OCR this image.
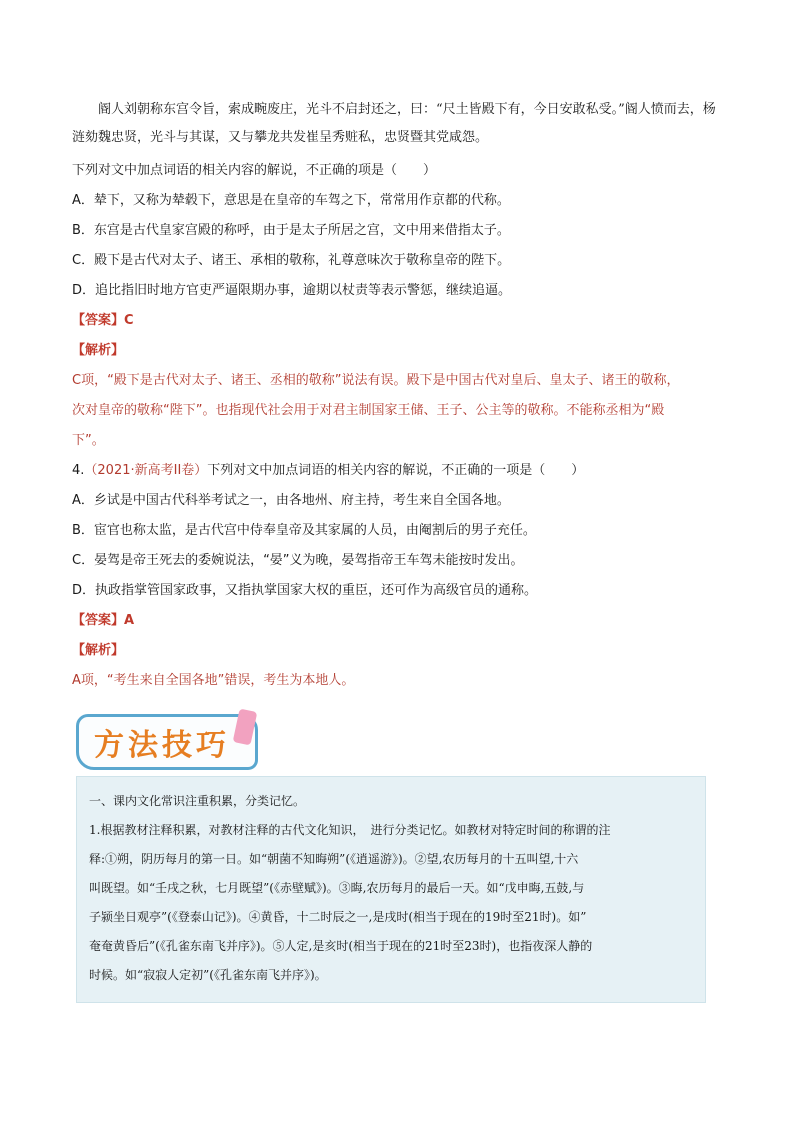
阍人刘朝称东宫令旨，索成畹废庄，光斗不启封还之，曰：“尺土皆殿下有，今日安敢私受。”阍人愤而去，杨涟劾魏忠贤，光斗与其谋，又与攀龙共发崔呈秀赃私，忠贤暨其党咸怨。

下列对文中加点词语的相关内容的解说，不正确的项是（　　）

A．辇下，又称为辇毂下，意思是在皇帝的车驾之下，常常用作京都的代称。

B．东宫是古代皇家宫殿的称呼，由于是太子所居之宫，文中用来借指太子。

C．殿下是古代对太子、诸王、承相的敬称，礼尊意味次于敬称皇帝的陛下。

D．追比指旧时地方官吏严逼限期办事，逾期以杖责等表示警惩，继续追逼。

【答案】C

【解析】

C项，“殿下是古代对太子、诸王、丞相的敬称”说法有误。殿下是中国古代对皇后、皇太子、诸王的敬称，

次对皇帝的敬称“陛下”。也指现代社会用于对君主制国家王储、王子、公主等的敬称。不能称丞相为“殿

下”。

4.（2021·新高考II卷）下列对文中加点词语的相关内容的解说，不正确的一项是（　　）

A．乡试是中国古代科举考试之一，由各地州、府主持，考生来自全国各地。

B．宦官也称太监，是古代宫中侍奉皇帝及其家属的人员，由阉割后的男子充任。

C．晏驾是帝王死去的委婉说法，“晏”义为晚，晏驾指帝王车驾未能按时发出。

D．执政指掌管国家政事，又指执掌国家大权的重臣，还可作为高级官员的通称。

【答案】A

【解析】

A项，“考生来自全国各地”错误，考生为本地人。

方法技巧

一、课内文化常识注重积累，分类记忆。

1.根据教材注释积累，对教材注释的古代文化知识，　进行分类记忆。如教材对特定时间的称谓的注

释:①朔，阴历每月的第一日。如“朝菌不知晦朔”(《逍遥游》)。②望,农历每月的十五叫望,十六

叫既望。如“壬戌之秋，七月既望”(《赤壁赋》)。③晦,农历每月的最后一天。如“戊申晦,五鼓,与

子颍坐日观亭”(《登泰山记》)。④黄昏，十二时辰之一,是戌时(相当于现在的19时至21时)。如”

奄奄黄昏后”(《孔雀东南飞并序》)。⑤人定,是亥时(相当于现在的21时至23时)，也指夜深人静的

时候。如“寂寂人定初”(《孔雀东南飞并序》)。
